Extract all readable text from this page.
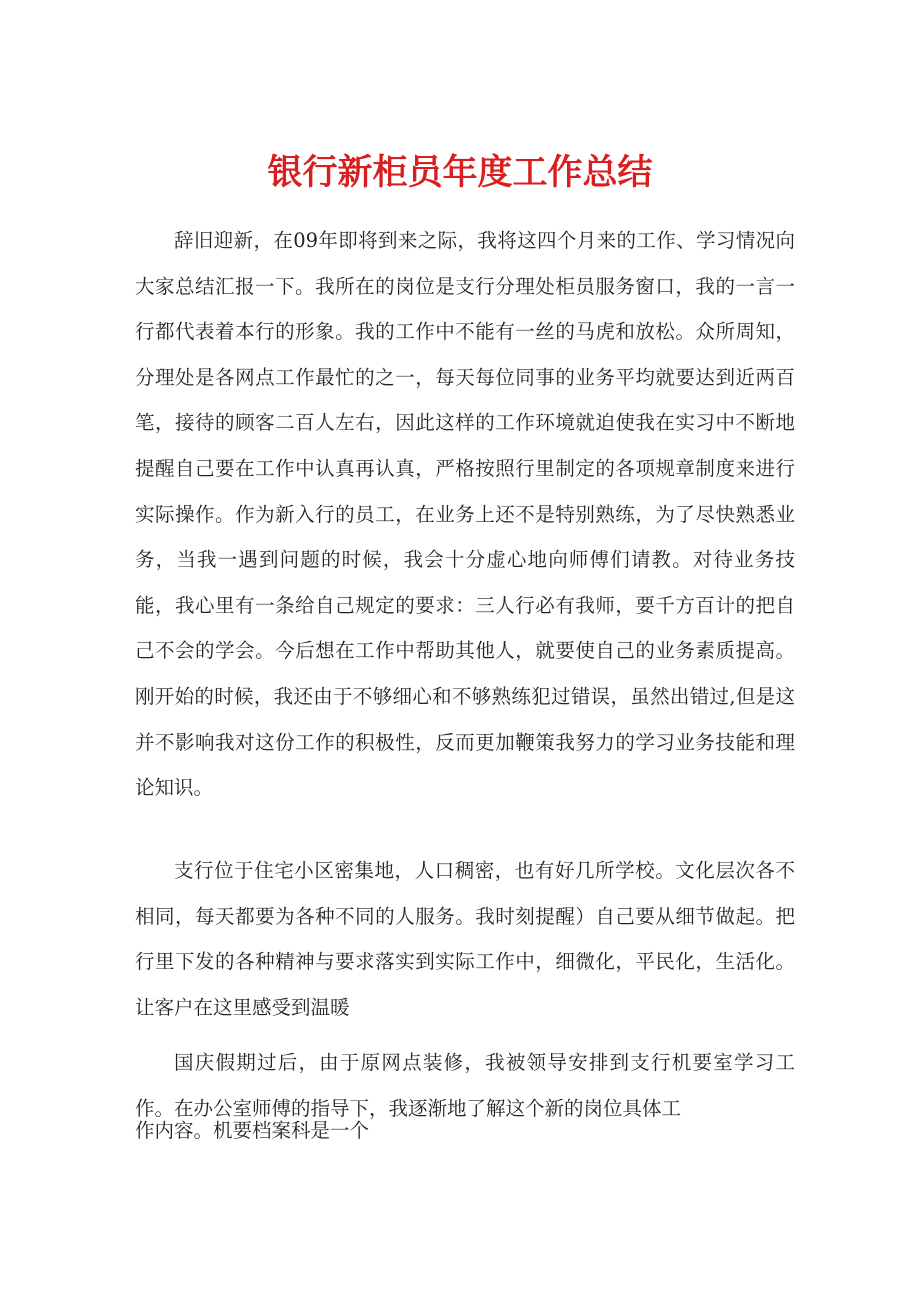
银行新柜员年度工作总结

辞旧迎新，在09年即将到来之际，我将这四个月来的工作、学习情况向大家总结汇报一下。我所在的岗位是支行分理处柜员服务窗口，我的一言一行都代表着本行的形象。我的工作中不能有一丝的马虎和放松。众所周知，分理处是各网点工作最忙的之一，每天每位同事的业务平均就要达到近两百笔，接待的顾客二百人左右，因此这样的工作环境就迫使我在实习中不断地提醒自己要在工作中认真再认真，严格按照行里制定的各项规章制度来进行实际操作。作为新入行的员工，在业务上还不是特别熟练，为了尽快熟悉业务，当我一遇到问题的时候，我会十分虚心地向师傅们请教。对待业务技能，我心里有一条给自己规定的要求：三人行必有我师，要千方百计的把自己不会的学会。今后想在工作中帮助其他人，就要使自己的业务素质提高。刚开始的时候，我还由于不够细心和不够熟练犯过错误，虽然出错过,但是这并不影响我对这份工作的积极性，反而更加鞭策我努力的学习业务技能和理论知识。

支行位于住宅小区密集地，人口稠密，也有好几所学校。文化层次各不相同，每天都要为各种不同的人服务。我时刻提醒）自己要从细节做起。把行里下发的各种精神与要求落实到实际工作中，细微化，平民化，生活化。让客户在这里感受到温暖

国庆假期过后，由于原网点装修，我被领导安排到支行机要室学习工作。在办公室师傅的指导下，我逐渐地了解这个新的岗位具体工

作内容。机要档案科是一个
